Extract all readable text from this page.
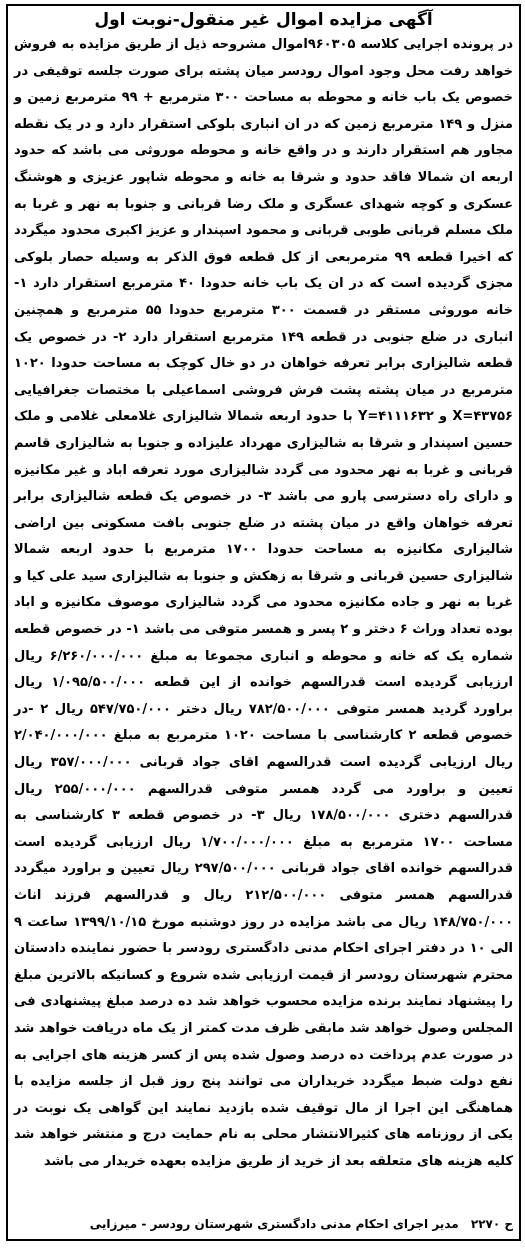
آگهی مزایده اموال غیر منقول-نوبت اول

در پرونده اجرایی کلاسه ۹۶۰۳۰۵اموال مشروحه ذیل از طریق مزایده به فروش خواهد رفت محل وجود اموال رودسر میان پشته برای صورت جلسه توقیفی در خصوص یک باب خانه و محوطه به مساحت ۳۰۰ مترمربع + ۹۹ مترمربع زمین و منزل و ۱۴۹ مترمربع زمین که در ان انباری بلوکی استقرار دارد و در یک نقطه مجاور هم استقرار دارند و در واقع خانه و محوطه موروثی می باشد که حدود اربعه ان شمالا فاقد حدود و شرقا به خانه و محوطه شاپور عزیزی و هوشنگ عسکری و کوچه شهدای عسگری و ملک رضا قربانی و جنوبا به نهر و غربا به ملک مسلم قربانی طوبی قربانی و محمود اسپندار و عزیز اکبری محدود میگردد که اخیرا قطعه ۹۹ مترمربعی از کل قطعه فوق الذکر به وسیله حصار بلوکی مجزی گردیده است که در ان یک باب خانه حدودا ۴۰ مترمربع استقرار دارد ۱- خانه موروثی مستقر در قسمت ۳۰۰ مترمربع حدودا ۵۵ مترمربع و همچنین انباری در ضلع جنوبی در قطعه ۱۴۹ مترمربع استقرار دارد ۲- در خصوص یک قطعه شالیزاری برابر تعرفه خواهان در دو خال کوچک به مساحت حدودا ۱۰۲۰ مترمربع در میان پشته پشت فرش فروشی اسماعیلی با مختصات جغرافیایی X=۴۳۷۵۶ و Y=۴۱۱۱۶۳۲ با حدود اربعه شمالا شالیزاری غلامعلی غلامی و ملک حسین اسپندار و شرقا به شالیزاری مهرداد علیزاده و جنوبا به شالیزاری قاسم قربانی و غربا به نهر محدود می گردد شالیزاری مورد تعرفه اباد و غیر مکانیزه و دارای راه دسترسی پارو می باشد ۳- در خصوص یک قطعه شالیزاری برابر تعرفه خواهان واقع در میان پشته در ضلع جنوبی بافت مسکونی بین اراضی شالیزاری مکانیزه به مساحت حدودا ۱۷۰۰ مترمربع با حدود اربعه شمالا شالیزاری حسین قربانی و شرقا به زهکش و جنوبا به شالیزاری سید علی کیا و غربا به نهر و جاده مکانیزه محدود می گردد شالیزاری موصوف مکانیزه و اباد بوده تعداد وراث ۶ دختر و ۲ پسر و همسر متوفی می باشد ۱- در خصوص قطعه شماره یک که خانه و محوطه و انباری مجموعا به مبلغ ۶/۲۶۰/۰۰۰/۰۰۰ ریال ارزیابی گردیده است قدرالسهم خوانده از این قطعه ۱/۰۹۵/۵۰۰/۰۰۰ ریال براورد گردید همسر متوفی ۷۸۲/۵۰۰/۰۰۰ ریال دختر ۵۴۷/۷۵۰/۰۰۰ ریال ۲ -در خصوص قطعه ۲ کارشناسی با مساحت ۱۰۲۰ مترمربع به مبلغ ۲/۰۴۰/۰۰۰/۰۰۰ ریال ارزیابی گردیده است قدرالسهم اقای جواد قربانی ۳۵۷/۰۰۰/۰۰۰ ریال تعیین و براورد می گردد همسر متوفی قدرالسهم ۲۵۵/۰۰۰/۰۰۰ ریال قدرالسهم دختری ۱۷۸/۵۰۰/۰۰۰ ریال ۳- در خصوص قطعه ۳ کارشناسی به مساحت ۱۷۰۰ مترمربع به مبلغ ۱/۷۰۰/۰۰۰/۰۰۰ ریال ارزیابی گردیده است قدرالسهم خوانده اقای جواد قربانی ۲۹۷/۵۰۰/۰۰۰ ریال تعیین و براورد میگردد قدرالسهم همسر متوفی ۲۱۲/۵۰۰/۰۰۰ ریال و قدرالسهم فرزند اناث ۱۴۸/۷۵۰/۰۰۰ ریال می باشد مزایده در روز دوشنبه مورخ ۱۳۹۹/۱۰/۱۵ ساعت ۹ الی ۱۰ در دفتر اجرای احکام مدنی دادگستری رودسر با حضور نماینده دادستان محترم شهرستان رودسر از قیمت ارزیابی شده شروع و کسانیکه بالاترین مبلغ را پیشنهاد نمایند برنده مزایده محسوب خواهد شد ده درصد مبلغ پیشنهادی فی المجلس وصول خواهد شد مابقی ظرف مدت کمتر از یک ماه دریافت خواهد شد در صورت عدم پرداخت ده درصد وصول شده پس از کسر هزینه های اجرایی به نفع دولت ضبط میگردد خریداران می توانند پنج روز قبل از جلسه مزایده با هماهنگی این اجرا از مال توقیف شده بازدید نمایند این گواهی یک نوبت در یکی از روزنامه های کثیرالانتشار محلی به نام حمایت درج و منتشر خواهد شد کلیه هزینه های متعلقه بعد از خرید از طریق مزایده بعهده خریدار می باشد

ح ۲۲۷۰ مدیر اجرای احکام مدنی دادگستری شهرستان رودسر - میرزایی
